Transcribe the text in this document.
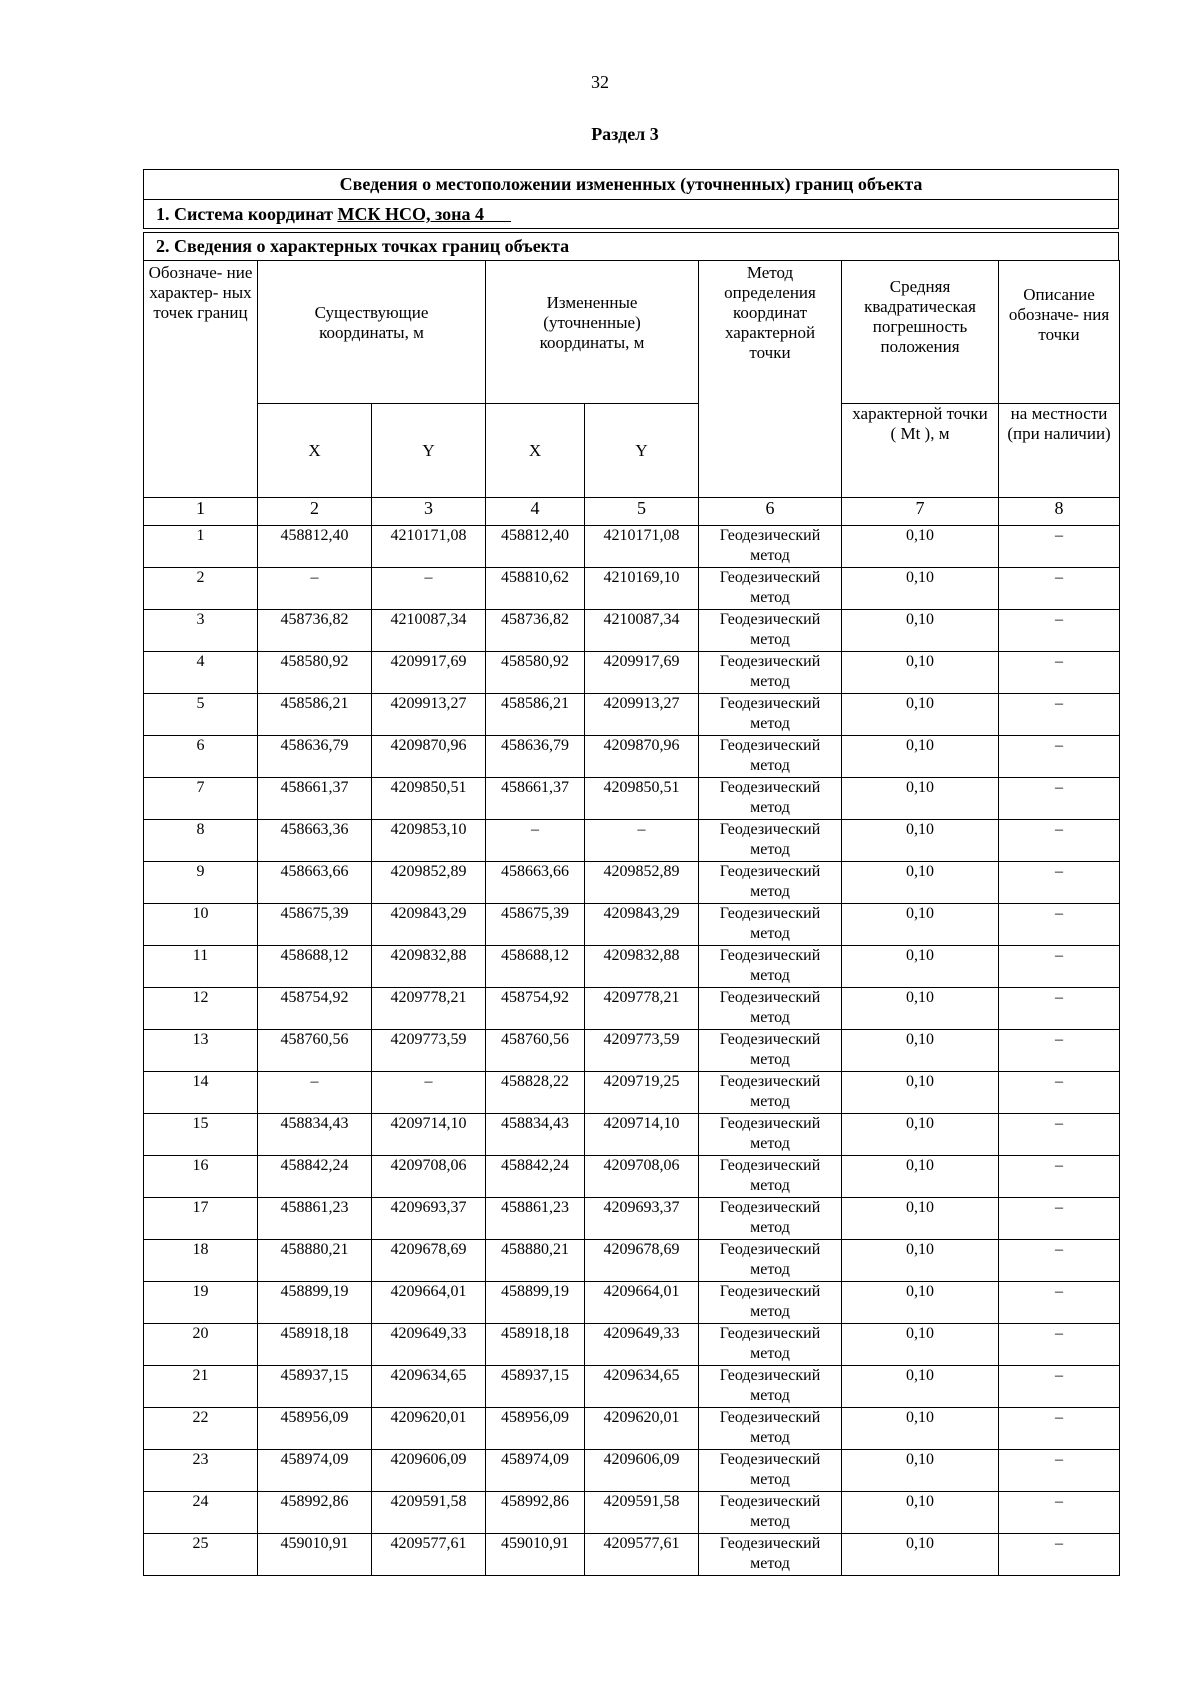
32
Раздел 3
Сведения о местоположении измененных (уточненных) границ объекта
1. Система координат МСК НСО, зона 4
2. Сведения о характерных точках границ объекта
Обозначе- ние характер- ных точек границ	Существующие координаты, м		Измененные (уточненные) координаты, м		Метод определения координат характерной точки	Средняя квадратическая погрешность положения	Описание обозначе- ния точки
	X	Y	X	Y		характерной точки ( Mt ), м	на местности (при наличии)
1	2	3	4	5	6	7	8
1	458812,40	4210171,08	458812,40	4210171,08	Геодезический метод	0,10	–
2	–	–	458810,62	4210169,10	Геодезический метод	0,10	–
3	458736,82	4210087,34	458736,82	4210087,34	Геодезический метод	0,10	–
4	458580,92	4209917,69	458580,92	4209917,69	Геодезический метод	0,10	–
5	458586,21	4209913,27	458586,21	4209913,27	Геодезический метод	0,10	–
6	458636,79	4209870,96	458636,79	4209870,96	Геодезический метод	0,10	–
7	458661,37	4209850,51	458661,37	4209850,51	Геодезический метод	0,10	–
8	458663,36	4209853,10	–	–	Геодезический метод	0,10	–
9	458663,66	4209852,89	458663,66	4209852,89	Геодезический метод	0,10	–
10	458675,39	4209843,29	458675,39	4209843,29	Геодезический метод	0,10	–
11	458688,12	4209832,88	458688,12	4209832,88	Геодезический метод	0,10	–
12	458754,92	4209778,21	458754,92	4209778,21	Геодезический метод	0,10	–
13	458760,56	4209773,59	458760,56	4209773,59	Геодезический метод	0,10	–
14	–	–	458828,22	4209719,25	Геодезический метод	0,10	–
15	458834,43	4209714,10	458834,43	4209714,10	Геодезический метод	0,10	–
16	458842,24	4209708,06	458842,24	4209708,06	Геодезический метод	0,10	–
17	458861,23	4209693,37	458861,23	4209693,37	Геодезический метод	0,10	–
18	458880,21	4209678,69	458880,21	4209678,69	Геодезический метод	0,10	–
19	458899,19	4209664,01	458899,19	4209664,01	Геодезический метод	0,10	–
20	458918,18	4209649,33	458918,18	4209649,33	Геодезический метод	0,10	–
21	458937,15	4209634,65	458937,15	4209634,65	Геодезический метод	0,10	–
22	458956,09	4209620,01	458956,09	4209620,01	Геодезический метод	0,10	–
23	458974,09	4209606,09	458974,09	4209606,09	Геодезический метод	0,10	–
24	458992,86	4209591,58	458992,86	4209591,58	Геодезический метод	0,10	–
25	459010,91	4209577,61	459010,91	4209577,61	Геодезический метод	0,10	–
